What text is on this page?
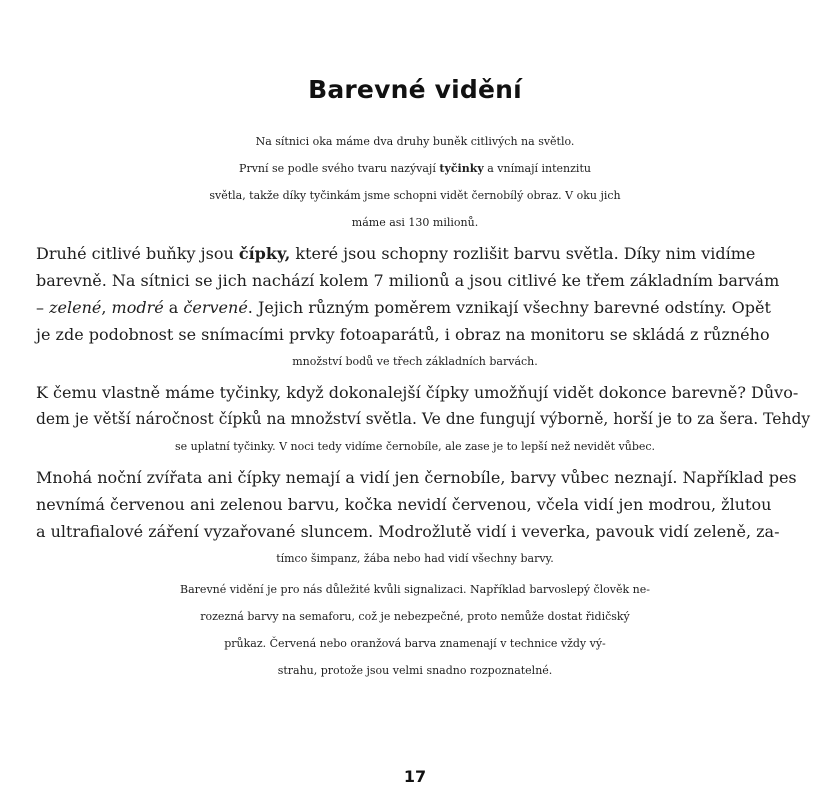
Barevné vidění
Na sítnici oka máme dva druhy buněk citlivých na světlo.
První se podle svého tvaru nazývají tyčinky a vnímají intenzitu
světla, takže díky tyčinkám jsme schopni vidět černobílý obraz. V oku jich
máme asi 130 milionů.
Druhé citlivé buňky jsou čípky, které jsou schopny rozlišit barvu světla. Díky nim vidíme
barevně. Na sítnici se jich nachází kolem 7 milionů a jsou citlivé ke třem základním barvám
– zelené, modré a červené. Jejich různým poměrem vznikají všechny barevné odstíny. Opět
je zde podobnost se snímacími prvky fotoaparátů, i obraz na monitoru se skládá z různého
množství bodů ve třech základních barvách.
K čemu vlastně máme tyčinky, když dokonalejší čípky umožňují vidět dokonce barevně? Důvo-
dem je větší náročnost čípků na množství světla. Ve dne fungují výborně, horší je to za šera. Tehdy
se uplatní tyčinky. V noci tedy vidíme černobíle, ale zase je to lepší než nevidět vůbec.
Mnohá noční zvířata ani čípky nemají a vidí jen černobíle, barvy vůbec neznají. Například pes
nevnímá červenou ani zelenou barvu, kočka nevidí červenou, včela vidí jen modrou, žlutou
a ultrafialové záření vyzařované sluncem. Modrožlutě vidí i veverka, pavouk vidí zeleně, za-
tímco šimpanz, žába nebo had vidí všechny barvy.
Barevné vidění je pro nás důležité kvůli signalizaci. Například barvoslepý člověk ne-
rozezná barvy na semaforu, což je nebezpečné, proto nemůže dostat řidičský
průkaz. Červená nebo oranžová barva znamenají v technice vždy vý-
strahu, protože jsou velmi snadno rozpoznatelné.
17
